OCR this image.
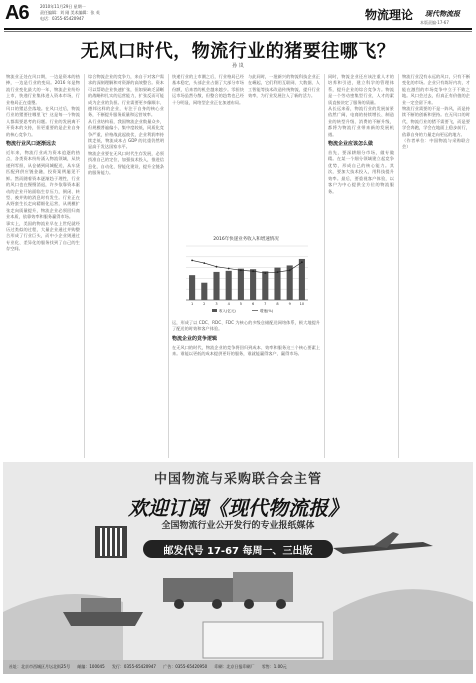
A6	2010年11月29日 星期一
责任编辑：刘 刚 美术编辑：张 英
电话：0355-65420947	物流理论 现代物流报
本版责编·17-67
无风口时代，物流行业的猪要往哪飞？
孙 岚
物流业正处在风口期，一边是资本的热捧，一边是行业的变局。2016 年是物流行业变化最大的一年，物流企业纷纷上市，快递行业集体进入资本市场，行业格局正在重塑。
风口的猪总会落地。在风口过后，物流行业的猪要往哪里飞？这是每一个物流人都需要思考的问题。行业的发展离不开资本的支持，但更重要的是企业自身的核心竞争力。
物流行业风口逐渐远去
近年来，物流行业成为资本追逐的热点，各类资本纷纷涌入物流领域，从快递到零担，从仓储到同城配送，从车货匹配到供应链金融，投资案例屡见不鲜。然而随着资本逐渐趋于理性，行业的风口也在慢慢消退，许多依靠资本驱动的企业开始面临生存压力，倒闭、转型、被并购的消息时有发生。行业正在从野蛮生长走向精细化运营，从规模扩张走向质量提升，物流企业必须回归商业本质，依靠效率和服务赢得市场。
事实上，美国的物流业早在上世纪就经历过类似的过程，大量企业通过并购整合形成了行业巨头，而中小企业则通过专业化、差异化的服务找到了自己的生存空间。
综合物流企业的竞争力，来自于对客户需求的深刻理解和对资源的高效整合。资本可以帮助企业快速扩张，但如果缺乏清晰的战略和扎实的运营能力，扩张反而可能成为企业的负担。行业需要更多像顺丰、德邦这样的企业，专注于自身的核心业务，不断提升服务质量和运营效率。
从行业结构看，我国物流企业数量众多，但规模普遍偏小，集中度较低，同质化竞争严重，价格战此起彼伏，企业利润率持续走低，物流成本占 GDP 的比重仍然明显高于发达国家水平。
物流企业要在无风口时代生存发展，必须找准自己的定位，加强技术投入，推进信息化、自动化、智能化建设，提升全链条的服务能力。
快递行业的上市潮之后，行业格局已经基本稳定，头部企业占据了大部分市场份额，后来者的机会越来越少。零担快运市场虽然分散，但整合的趋势也已经十分明显，网络型企业正在加速布局。
与此同时，一批新兴的物流科技企业正在崛起，它们利用互联网、大数据、人工智能等技术改造传统物流，提升行业效率，为行业发展注入了新的活力。
2016年快递业务收入和增速情况
1	2	3	4	5	6	7	8	9	10
收入(亿元)	增速(%)
运，形成了以 CDC、RDC、FDC 为核心的多级仓储配送网络体系，极大地提升了配送的时效和客户体验。
物流企业的竞争逻辑
在无风口的时代，物流企业的竞争将回归到成本、效率和服务这三个核心要素上来。谁能以更低的成本提供更好的服务，谁就能赢得客户、赢得市场。
同时，物流企业还应该注重人才的培养和引进，建立科学的管理体系，提升企业的综合竞争力。物流是一个劳动密集型行业，人才的素质直接决定了服务的质量。
从长远来看，物流行业的发展前景依然广阔，电商的持续增长、制造业的转型升级、消费的不断升级，都将为物流行业带来新的发展机遇。
物流企业应该怎么做
首先，要深耕细分市场，做专做精。在某一个细分领域建立起竞争优势，形成自己的核心能力。其次，要加大技术投入，用科技提升效率。最后，要重视客户体验，以客户为中心提供全方位的物流服务。
物流行业没有永远的风口，只有不断变化的市场。企业只有练好内功，才能在激烈的市场竞争中立于不败之地。风口会过去，但真正有价值的企业一定会留下来。
物流行业需要的不是一阵风，而是持续不断的创新和坚持。在无风口的时代，物流行业的猪不需要飞，而是要学会奔跑，学会在地面上稳步前行，依靠自身的力量走向更远的地方。
（作者单位：中国物流与采购联合会）
中国物流与采购联合会主管
欢迎订阅《现代物流报》
全国物流行业公开发行的专业报纸媒体
邮发代号 17-67 每周一、三出版
社址：北京市西城区月坛北街25号 邮编：100045 发行：0355-65420947 广告：0355-65420950 印刷：北京日报印刷厂 零售：1.00元
